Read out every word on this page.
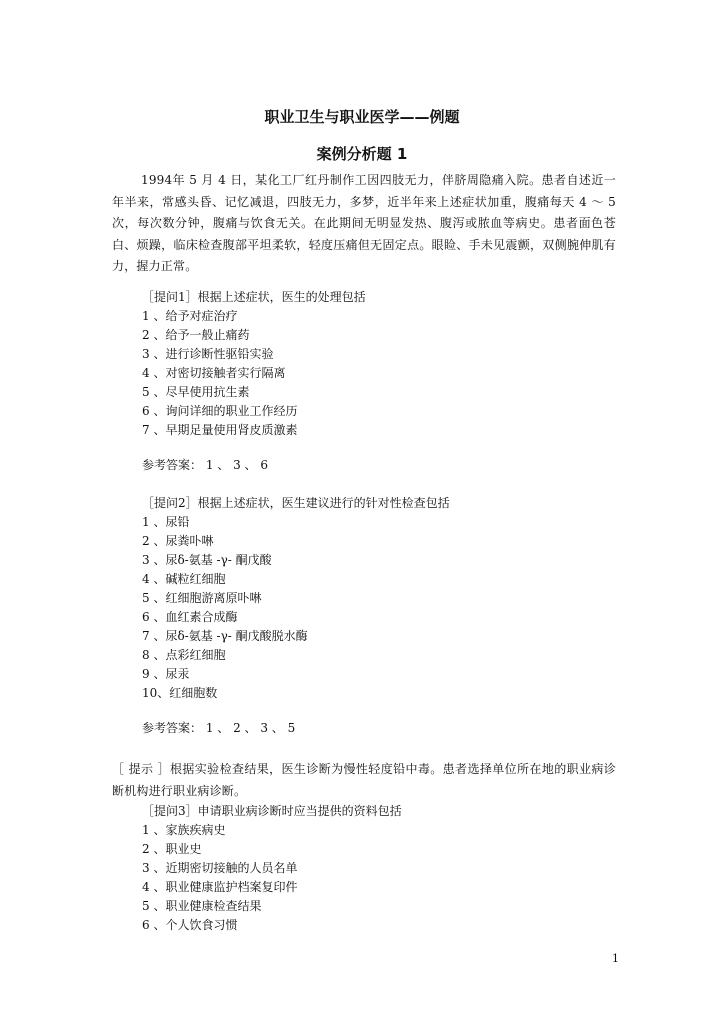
职业卫生与职业医学——例题
案例分析题 1

1994年 5 月 4 日，某化工厂红丹制作工因四肢无力，伴脐周隐痛入院。患者自述近一年半来，常感头昏、记忆减退，四肢无力，多梦，近半年来上述症状加重，腹痛每天 4 ～ 5 次，每次数分钟，腹痛与饮食无关。在此期间无明显发热、腹泻或脓血等病史。患者面色苍白、烦躁，临床检查腹部平坦柔软，轻度压痛但无固定点。眼睑、手未见震颤，双侧腕伸肌有力，握力正常。

［提问1］根据上述症状，医生的处理包括
1 、给予对症治疗
2 、给予一般止痛药
3 、进行诊断性驱铅实验
4 、对密切接触者实行隔离
5 、尽早使用抗生素
6 、询问详细的职业工作经历
7 、早期足量使用肾皮质激素
参考答案： 1 、 3 、 6
［提问2］根据上述症状，医生建议进行的针对性检查包括
1 、尿铅
2 、尿粪卟啉
3 、尿δ-氨基 -γ- 酮戊酸
4 、碱粒红细胞
5 、红细胞游离原卟啉
6 、血红素合成酶
7 、尿δ-氨基 -γ- 酮戊酸脱水酶
8 、点彩红细胞
9 、尿汞
10、红细胞数
参考答案： 1 、 2 、 3 、 5

［ 提示 ］根据实验检查结果，医生诊断为慢性轻度铅中毒。患者选择单位所在地的职业病诊断机构进行职业病诊断。

［提问3］申请职业病诊断时应当提供的资料包括
1 、家族疾病史
2 、职业史
3 、近期密切接触的人员名单
4 、职业健康监护档案复印件
5 、职业健康检查结果
6 、个人饮食习惯
1
